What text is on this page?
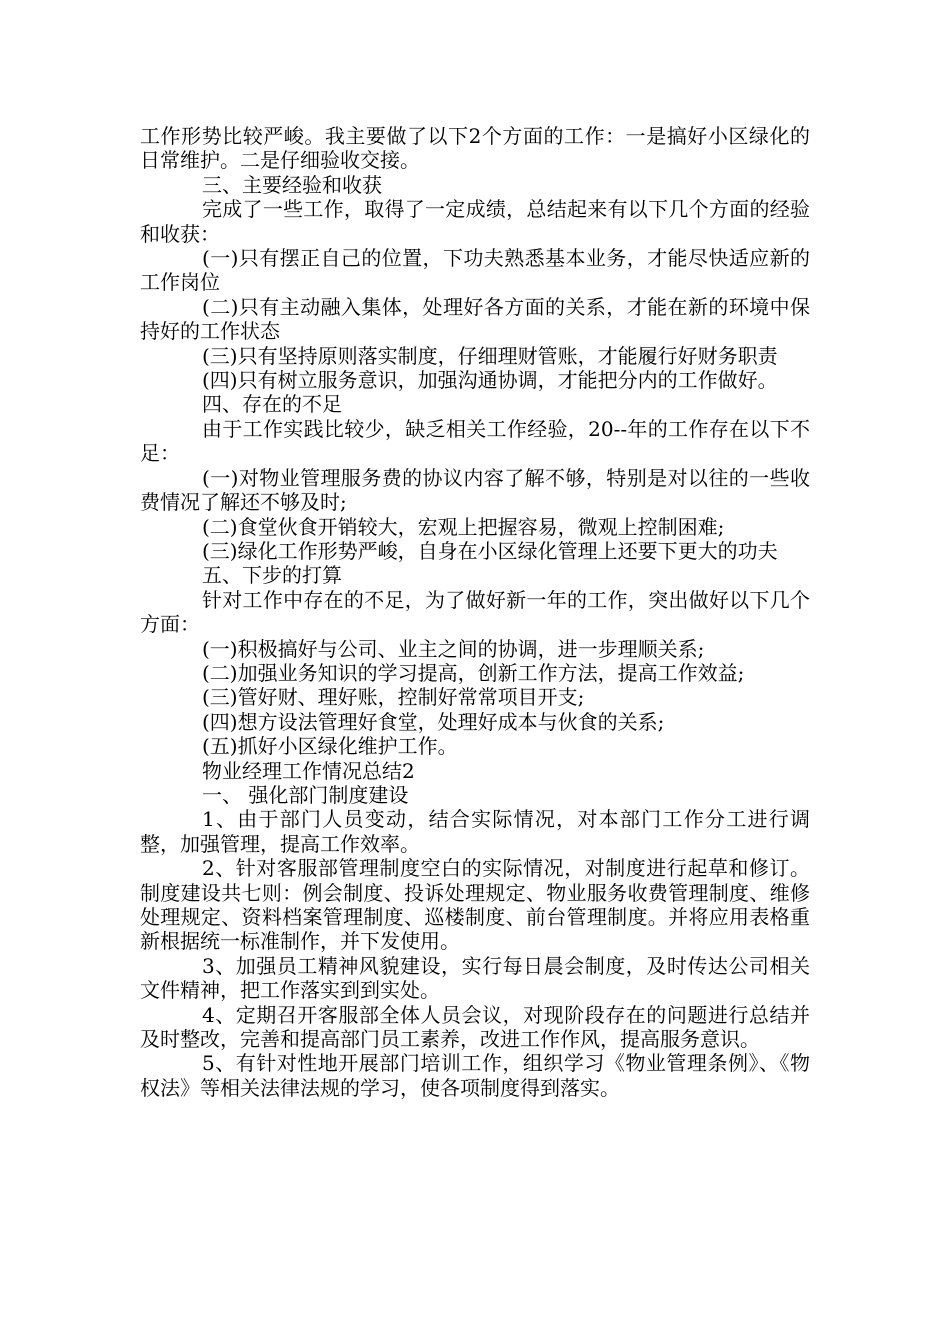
工作形势比较严峻。我主要做了以下2个方面的工作：一是搞好小区绿化的日常维护。二是仔细验收交接。

三、主要经验和收获

完成了一些工作，取得了一定成绩，总结起来有以下几个方面的经验和收获：

(一)只有摆正自己的位置，下功夫熟悉基本业务，才能尽快适应新的工作岗位

(二)只有主动融入集体，处理好各方面的关系，才能在新的环境中保持好的工作状态

(三)只有坚持原则落实制度，仔细理财管账，才能履行好财务职责

(四)只有树立服务意识，加强沟通协调，才能把分内的工作做好。

四、存在的不足

由于工作实践比较少，缺乏相关工作经验，20--年的工作存在以下不足：

(一)对物业管理服务费的协议内容了解不够，特别是对以往的一些收费情况了解还不够及时;

(二)食堂伙食开销较大，宏观上把握容易，微观上控制困难;

(三)绿化工作形势严峻，自身在小区绿化管理上还要下更大的功夫

五、下步的打算

针对工作中存在的不足，为了做好新一年的工作，突出做好以下几个方面：

(一)积极搞好与公司、业主之间的协调，进一步理顺关系;

(二)加强业务知识的学习提高，创新工作方法，提高工作效益;

(三)管好财、理好账，控制好常常项目开支;

(四)想方设法管理好食堂，处理好成本与伙食的关系;

(五)抓好小区绿化维护工作。

物业经理工作情况总结2

一、 强化部门制度建设

1、由于部门人员变动，结合实际情况，对本部门工作分工进行调整，加强管理，提高工作效率。

2、针对客服部管理制度空白的实际情况，对制度进行起草和修订。制度建设共七则：例会制度、投诉处理规定、物业服务收费管理制度、维修处理规定、资料档案管理制度、巡楼制度、前台管理制度。并将应用表格重新根据统一标准制作，并下发使用。

3、加强员工精神风貌建设，实行每日晨会制度，及时传达公司相关文件精神，把工作落实到到实处。

4、定期召开客服部全体人员会议，对现阶段存在的问题进行总结并及时整改，完善和提高部门员工素养，改进工作作风，提高服务意识。

5、有针对性地开展部门培训工作，组织学习《物业管理条例》、《物权法》等相关法律法规的学习，使各项制度得到落实。
